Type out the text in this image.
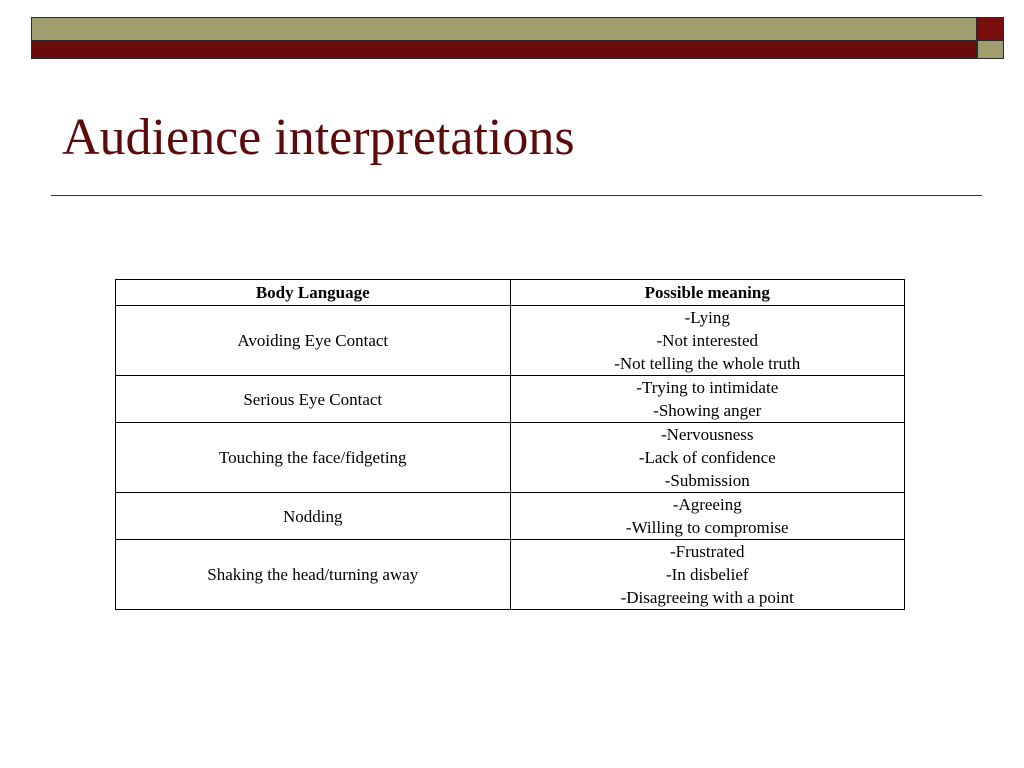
Audience interpretations
Body Language	Possible meaning
Avoiding Eye Contact	-Lying
-Not interested
-Not telling the whole truth

Serious Eye Contact	-Trying to intimidate
-Showing anger

Touching the face/fidgeting	-Nervousness
-Lack of confidence
-Submission

Nodding	-Agreeing
-Willing to compromise

Shaking the head/turning away	-Frustrated
-In disbelief
-Disagreeing with a point
